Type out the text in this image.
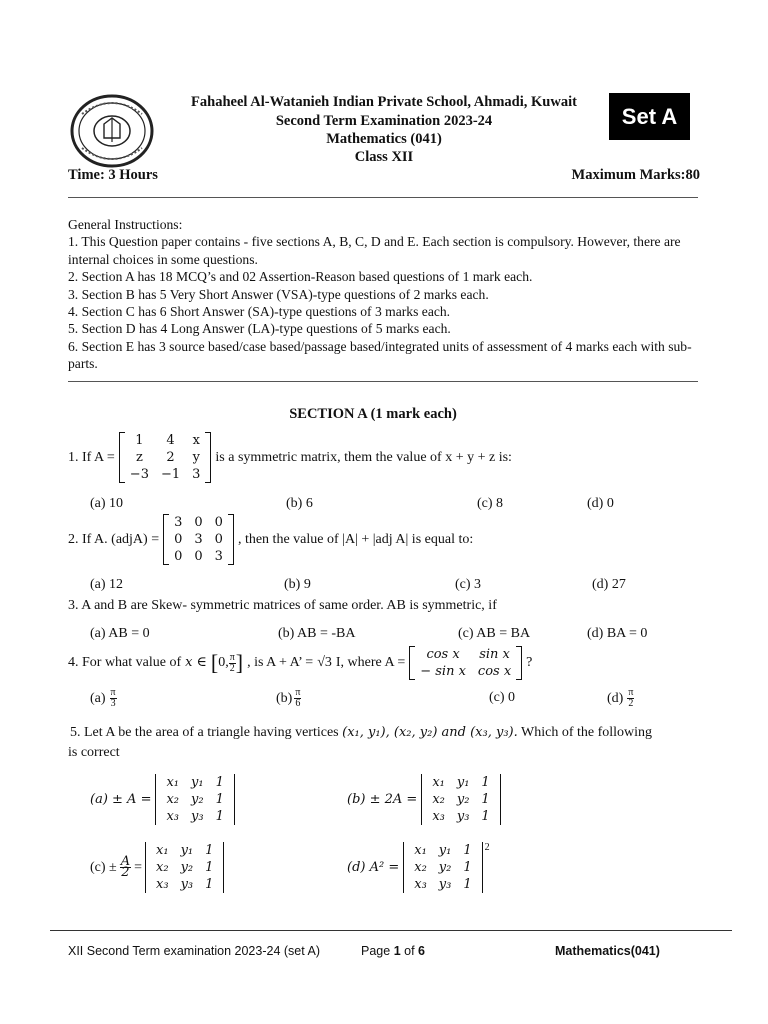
Fahaheel Al-Watanieh Indian Private School, Ahmadi, Kuwait
Second Term Examination 2023-24
Mathematics (041)
Class XII
Set A
Time: 3 Hours	Maximum Marks:80
General Instructions:
1. This Question paper contains - five sections A, B, C, D and E. Each section is compulsory. However, there are internal choices in some questions.
2. Section A has 18 MCQ’s and 02 Assertion-Reason based questions of 1 mark each.
3. Section B has 5 Very Short Answer (VSA)-type questions of 2 marks each.
4. Section C has 6 Short Answer (SA)-type questions of 3 marks each.
5. Section D has 4 Long Answer (LA)-type questions of 5 marks each.
6. Section E has 3 source based/case based/passage based/integrated units of assessment of 4 marks each with sub-parts.
SECTION A (1 mark each)
1. If A =
1	4	x
z	2	y
−3	−1	3
is a symmetric matrix, them the value of x + y + z is:
(a) 10	(b) 6	(c) 8	(d) 0
2. If A. (adjA) =
3	0	0
0	3	0
0	0	3
, then the value of |A| + |adj A| is equal to:
(a) 12	(b) 9	(c) 3	(d) 27
3. A and B are Skew- symmetric matrices of same order. AB is symmetric, if
(a) AB = 0	(b) AB = -BA	(c) AB = BA	(d) BA = 0
4. For what value of x ∈ [ 0, $\frac{\pi}{2}$ ] , is A + A’ = √3 I, where A =
cos x	sin x
− sin x	cos x
?
$(a) \frac{\pi}{3}$	$(b) \frac{\pi}{6}$	(c) 0	$(d) \frac{\pi}{2}$
5. Let A be the area of a triangle having vertices (x₁, y₁), (x₂, y₂) and (x₃, y₃). Which of the following
is correct
(a) ± A =
x₁	y₁	1
x₂	y₂	1
x₃	y₃	1
(b) ± 2A =
x₁	y₁	1
x₂	y₂	1
x₃	y₃	1
$(c) \pm \frac{A}{2}$ =
x₁	y₁	1
x₂	y₂	1
x₃	y₃	1
(d) A² =
x₁	y₁	1
x₂	y₂	1
x₃	y₃	1
2
XII Second Term examination 2023-24 (set A)	Page 1 of 6	Mathematics(041)
